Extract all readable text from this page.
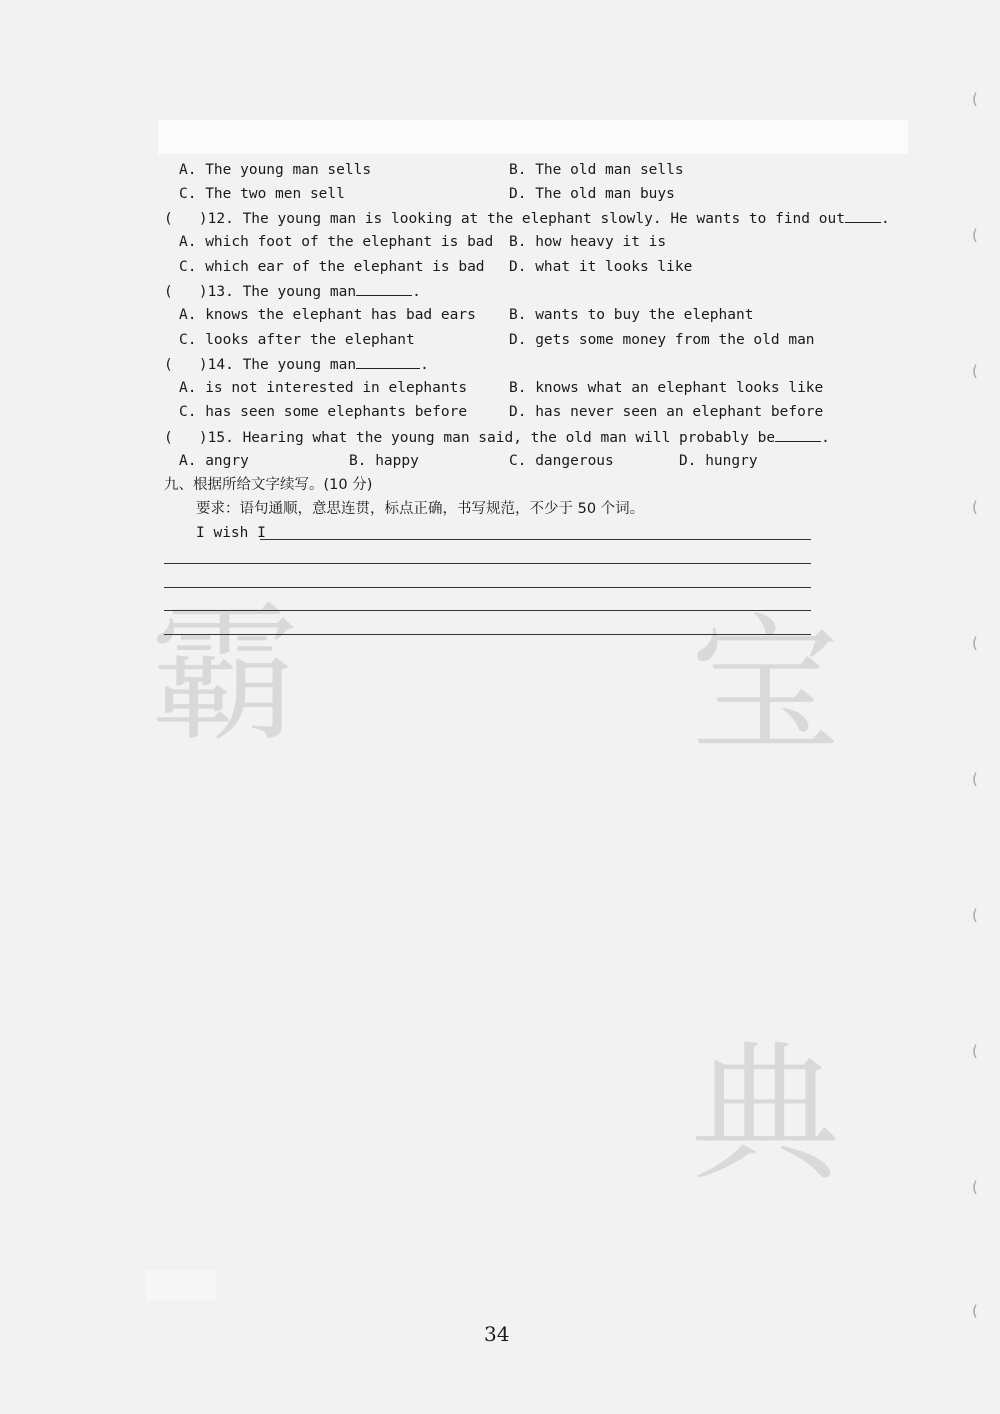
霸	宝
典
(
(
(
(
(
(
(
(
(
(
A. The young man sells	B. The old man sells
C. The two men sell	D. The old man buys
(   )12. The young man is looking at the elephant slowly. He wants to find out .
A. which foot of the elephant is bad B. how heavy it is
C. which ear of the elephant is bad D. what it looks like
(   )13. The young man	.
A. knows the elephant has bad ears B. wants to buy the elephant
C. looks after the elephant	D. gets some money from the old man
(   )14. The young man	.
A. is not interested in elephants	B. knows what an elephant looks like
C. has seen some elephants before	D. has never seen an elephant before
(   )15. Hearing what the young man said, the old man will probably be	.
A. angry	B. happy	C. dangerous	D. hungry
九、根据所给文字续写。(10 分)
要求：语句通顺，意思连贯，标点正确，书写规范，不少于 50 个词。
I wish I
34
